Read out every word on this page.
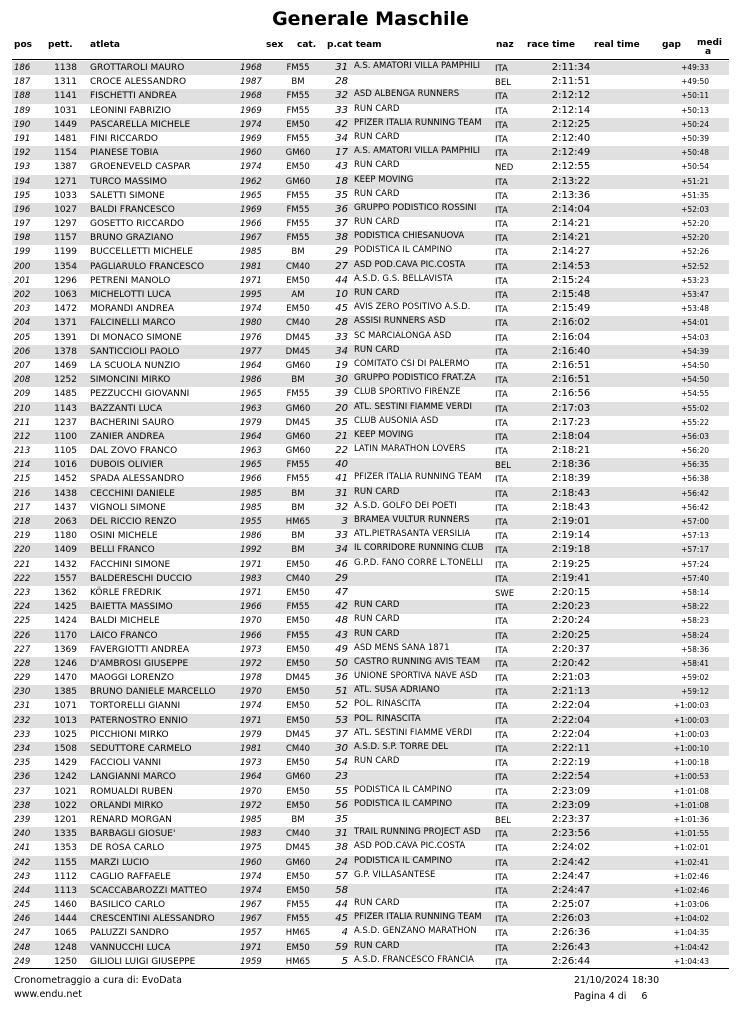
Generale Maschile
pos pett. atleta	sex cat. p.cat team	naz race time real time gap medi
a
186	1138 GROTTAROLI MAURO	1968	FM55	31 A.S. AMATORI VILLA PAMPHILI	ITA	2:11:34	+49:33
187	1311 CROCE ALESSANDRO	1987	BM	28	BEL	2:11:51	+49:50
188	1141 FISCHETTI ANDREA	1968	FM55	32 ASD ALBENGA RUNNERS	ITA	2:12:12	+50:11
189	1031 LEONINI FABRIZIO	1969	FM55	33 RUN CARD	ITA	2:12:14	+50:13
190	1449 PASCARELLA MICHELE	1974	EM50	42 PFIZER ITALIA RUNNING TEAM	ITA	2:12:25	+50:24
191	1481 FINI RICCARDO	1969	FM55	34 RUN CARD	ITA	2:12:40	+50:39
192	1154 PIANESE TOBIA	1960	GM60	17 A.S. AMATORI VILLA PAMPHILI	ITA	2:12:49	+50:48
193	1387 GROENEVELD CASPAR	1974	EM50	43 RUN CARD	NED	2:12:55	+50:54
194	1271 TURCO MASSIMO	1962	GM60	18 KEEP MOVING	ITA	2:13:22	+51:21
195	1033 SALETTI SIMONE	1965	FM55	35 RUN CARD	ITA	2:13:36	+51:35
196	1027 BALDI FRANCESCO	1969	FM55	36 GRUPPO PODISTICO ROSSINI	ITA	2:14:04	+52:03
197	1297 GOSETTO RICCARDO	1966	FM55	37 RUN CARD	ITA	2:14:21	+52:20
198	1157 BRUNO GRAZIANO	1967	FM55	38 PODISTICA CHIESANUOVA	ITA	2:14:21	+52:20
199	1199 BUCCELLETTI MICHELE	1985	BM	29 PODISTICA IL CAMPINO	ITA	2:14:27	+52:26
200	1354 PAGLIARULO FRANCESCO	1981	CM40	27 ASD POD.CAVA PIC.COSTA	ITA	2:14:53	+52:52
201	1296 PETRENI MANOLO	1971	EM50	44 A.S.D. G.S. BELLAVISTA	ITA	2:15:24	+53:23
202	1063 MICHELOTTI LUCA	1995	AM	10 RUN CARD	ITA	2:15:48	+53:47
203	1472 MORANDI ANDREA	1974	EM50	45 AVIS ZERO POSITIVO A.S.D.	ITA	2:15:49	+53:48
204	1371 FALCINELLI MARCO	1980	CM40	28 ASSISI RUNNERS ASD	ITA	2:16:02	+54:01
205	1391 DI MONACO SIMONE	1976	DM45	33 SC MARCIALONGA ASD	ITA	2:16:04	+54:03
206	1378 SANTICCIOLI PAOLO	1977	DM45	34 RUN CARD	ITA	2:16:40	+54:39
207	1469 LA SCUOLA NUNZIO	1964	GM60	19 COMITATO CSI DI PALERMO	ITA	2:16:51	+54:50
208	1252 SIMONCINI MIRKO	1986	BM	30 GRUPPO PODISTICO FRAT.ZA	ITA	2:16:51	+54:50
209	1485 PEZZUCCHI GIOVANNI	1965	FM55	39 CLUB SPORTIVO FIRENZE	ITA	2:16:56	+54:55
210	1143 BAZZANTI LUCA	1963	GM60	20 ATL. SESTINI FIAMME VERDI	ITA	2:17:03	+55:02
211	1237 BACHERINI SAURO	1979	DM45	35 CLUB AUSONIA ASD	ITA	2:17:23	+55:22
212	1100 ZANIER ANDREA	1964	GM60	21 KEEP MOVING	ITA	2:18:04	+56:03
213	1105 DAL ZOVO FRANCO	1963	GM60	22 LATIN MARATHON LOVERS	ITA	2:18:21	+56:20
214	1016 DUBOIS OLIVIER	1965	FM55	40	BEL	2:18:36	+56:35
215	1452 SPADA ALESSANDRO	1966	FM55	41 PFIZER ITALIA RUNNING TEAM	ITA	2:18:39	+56:38
216	1438 CECCHINI DANIELE	1985	BM	31 RUN CARD	ITA	2:18:43	+56:42
217	1437 VIGNOLI SIMONE	1985	BM	32 A.S.D. GOLFO DEI POETI	ITA	2:18:43	+56:42
218	2063 DEL RICCIO RENZO	1955	HM65	3 BRAMEA VULTUR RUNNERS	ITA	2:19:01	+57:00
219	1180 OSINI MICHELE	1986	BM	33 ATL.PIETRASANTA VERSILIA	ITA	2:19:14	+57:13
220	1409 BELLI FRANCO	1992	BM	34 IL CORRIDORE RUNNING CLUB	ITA	2:19:18	+57:17
221	1432 FACCHINI SIMONE	1971	EM50	46 G.P.D. FANO CORRE L.TONELLI	ITA	2:19:25	+57:24
222	1557 BALDERESCHI DUCCIO	1983	CM40	29	ITA	2:19:41	+57:40
223	1362 KÖRLE FREDRIK	1971	EM50	47	SWE	2:20:15	+58:14
224	1425 BAIETTA MASSIMO	1966	FM55	42 RUN CARD	ITA	2:20:23	+58:22
225	1424 BALDI MICHELE	1970	EM50	48 RUN CARD	ITA	2:20:24	+58:23
226	1170 LAICO FRANCO	1966	FM55	43 RUN CARD	ITA	2:20:25	+58:24
227	1369 FAVERGIOTTI ANDREA	1973	EM50	49 ASD MENS SANA 1871	ITA	2:20:37	+58:36
228	1246 D'AMBROSI GIUSEPPE	1972	EM50	50 CASTRO RUNNING AVIS TEAM	ITA	2:20:42	+58:41
229	1470 MAOGGI LORENZO	1978	DM45	36 UNIONE SPORTIVA NAVE ASD	ITA	2:21:03	+59:02
230	1385 BRUNO DANIELE MARCELLO	1970	EM50	51 ATL. SUSA ADRIANO	ITA	2:21:13	+59:12
231	1071 TORTORELLI GIANNI	1974	EM50	52 POL. RINASCITA	ITA	2:22:04	+1:00:03
232	1013 PATERNOSTRO ENNIO	1971	EM50	53 POL. RINASCITA	ITA	2:22:04	+1:00:03
233	1025 PICCHIONI MIRKO	1979	DM45	37 ATL. SESTINI FIAMME VERDI	ITA	2:22:04	+1:00:03
234	1508 SEDUTTORE CARMELO	1981	CM40	30 A.S.D. S.P. TORRE DEL	ITA	2:22:11	+1:00:10
235	1429 FACCIOLI VANNI	1973	EM50	54 RUN CARD	ITA	2:22:19	+1:00:18
236	1242 LANGIANNI MARCO	1964	GM60	23	ITA	2:22:54	+1:00:53
237	1021 ROMUALDI RUBEN	1970	EM50	55 PODISTICA IL CAMPINO	ITA	2:23:09	+1:01:08
238	1022 ORLANDI MIRKO	1972	EM50	56 PODISTICA IL CAMPINO	ITA	2:23:09	+1:01:08
239	1201 RENARD MORGAN	1985	BM	35	BEL	2:23:37	+1:01:36
240	1335 BARBAGLI GIOSUE'	1983	CM40	31 TRAIL RUNNING PROJECT ASD	ITA	2:23:56	+1:01:55
241	1353 DE ROSA CARLO	1975	DM45	38 ASD POD.CAVA PIC.COSTA	ITA	2:24:02	+1:02:01
242	1155 MARZI LUCIO	1960	GM60	24 PODISTICA IL CAMPINO	ITA	2:24:42	+1:02:41
243	1112 CAGLIO RAFFAELE	1974	EM50	57 G.P. VILLASANTESE	ITA	2:24:47	+1:02:46
244	1113 SCACCABAROZZI MATTEO	1974	EM50	58	ITA	2:24:47	+1:02:46
245	1460 BASILICO CARLO	1967	FM55	44 RUN CARD	ITA	2:25:07	+1:03:06
246	1444 CRESCENTINI ALESSANDRO	1967	FM55	45 PFIZER ITALIA RUNNING TEAM	ITA	2:26:03	+1:04:02
247	1065 PALUZZI SANDRO	1957	HM65	4 A.S.D. GENZANO MARATHON	ITA	2:26:36	+1:04:35
248	1248 VANNUCCHI LUCA	1971	EM50	59 RUN CARD	ITA	2:26:43	+1:04:42
249	1250 GILIOLI LUIGI GIUSEPPE	1959	HM65	5 A.S.D. FRANCESCO FRANCIA	ITA	2:26:44	+1:04:43
Cronometraggio a cura di: EvoData
www.endu.net
21/10/2024 18:30
Pagina 4 di 6
